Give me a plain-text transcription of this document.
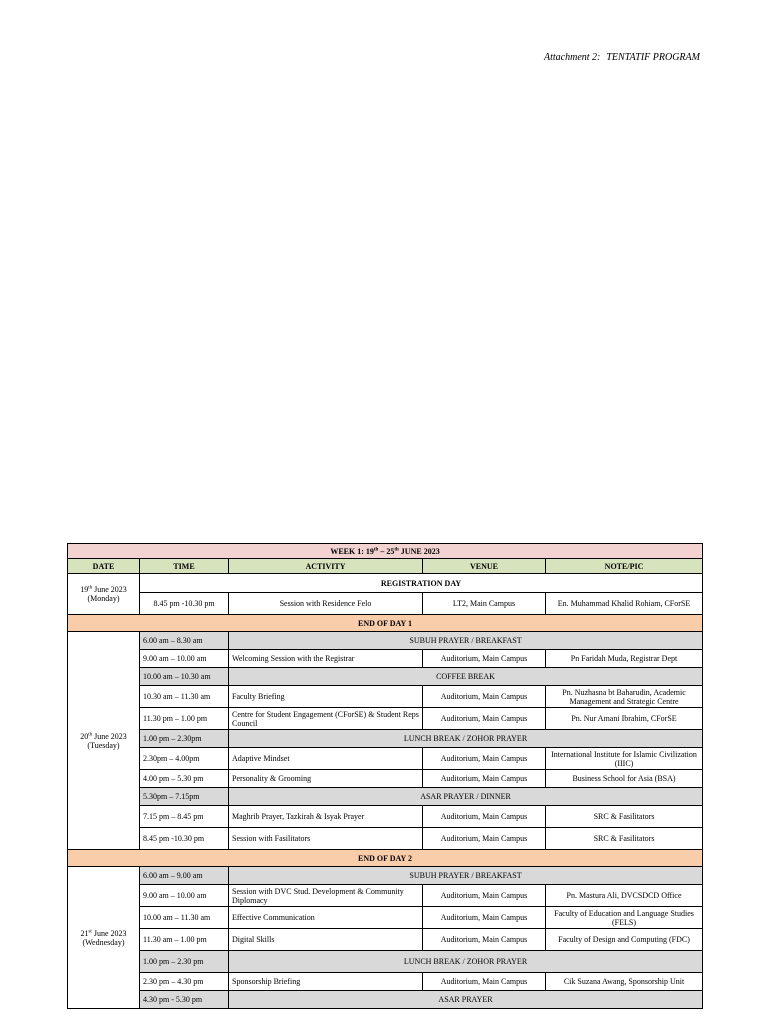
Attachment 2: TENTATIF PROGRAM
WEEK 1: 19th – 25th JUNE 2023				
DATE	TIME	ACTIVITY	VENUE	NOTE/PIC
19th June 2023
(Monday)	REGISTRATION DAY			
	8.45 pm -10.30 pm	Session with Residence Felo	LT2, Main Campus	En. Muhammad Khalid Rohiam, CForSE
END OF DAY 1				
20th June 2023
(Tuesday)	6.00 am – 8.30 am	SUBUH PRAYER / BREAKFAST		
	9.00 am – 10.00 am	Welcoming Session with the Registrar	Auditorium, Main Campus	Pn Faridah Muda, Registrar Dept
	10.00 am – 10.30 am	COFFEE BREAK		
	10.30 am – 11.30 am	Faculty Briefing	Auditorium, Main Campus	Pn. Nuzhasna bt Baharudin, Academic Management and Strategic Centre
	11.30 pm – 1.00 pm	Centre for Student Engagement (CForSE) & Student Reps Council	Auditorium, Main Campus	Pn. Nur Amani Ibrahim, CForSE
	1.00 pm – 2.30pm	LUNCH BREAK / ZOHOR PRAYER		
	2.30pm – 4.00pm	Adaptive Mindset	Auditorium, Main Campus	International Institute for Islamic Civilization (IIIC)
	4.00 pm – 5.30 pm	Personality & Grooming	Auditorium, Main Campus	Business School for Asia (BSA)
	5.30pm – 7.15pm	ASAR PRAYER / DINNER		
	7.15 pm – 8.45 pm	Maghrib Prayer, Tazkirah & Isyak Prayer	Auditorium, Main Campus	SRC & Fasilitators
	8.45 pm -10.30 pm	Session with Fasilitators	Auditorium, Main Campus	SRC & Fasilitators
END OF DAY 2				
21st June 2023
(Wednesday)	6.00 am – 9.00 am	SUBUH PRAYER / BREAKFAST		
	9.00 am – 10.00 am	Session with DVC Stud. Development & Community Diplomacy	Auditorium, Main Campus	Pn. Mastura Ali, DVCSDCD Office
	10.00 am – 11.30 am	Effective Communication	Auditorium, Main Campus	Faculty of Education and Language Studies (FELS)
	11.30 am – 1.00 pm	Digital Skills	Auditorium, Main Campus	Faculty of Design and Computing (FDC)
	1.00 pm – 2.30 pm	LUNCH BREAK / ZOHOR PRAYER		
	2.30 pm – 4.30 pm	Sponsorship Briefing	Auditorium, Main Campus	Cik Suzana Awang, Sponsorship Unit
	4.30 pm - 5.30 pm	ASAR PRAYER		
